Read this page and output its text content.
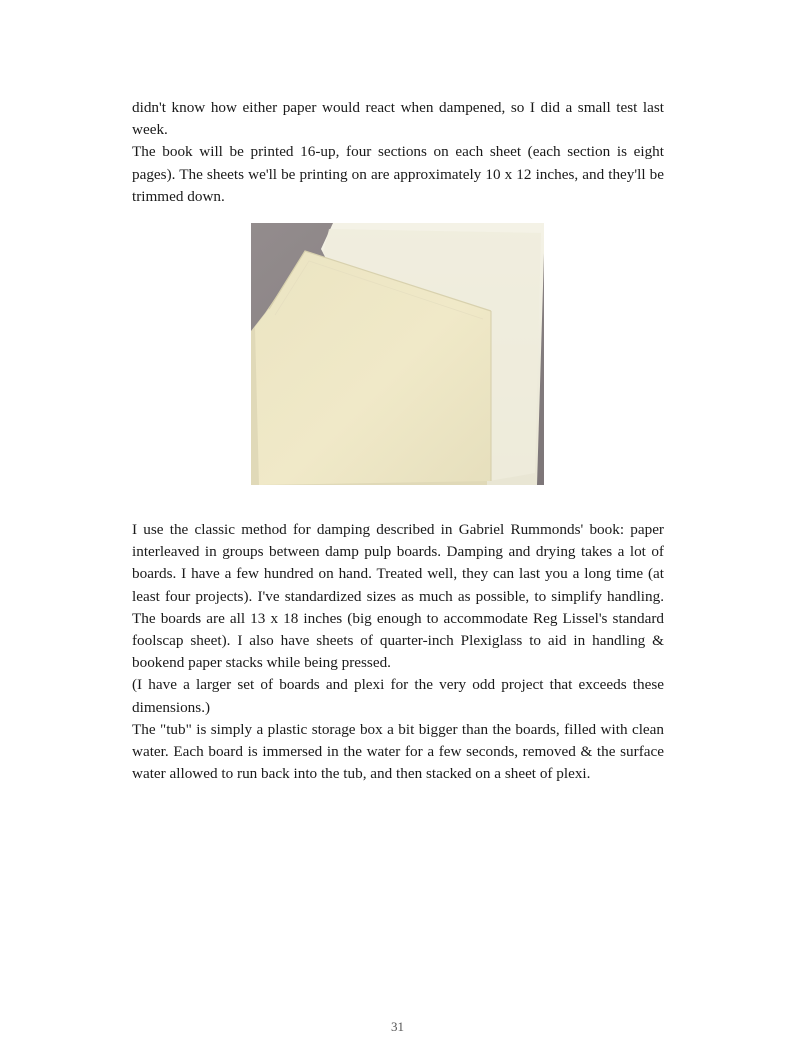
didn't know how either paper would react when dampened, so I did a small test last week.

The book will be printed 16-up, four sections on each sheet (each section is eight pages). The sheets we'll be printing on are approximately 10 x 12 inches, and they'll be trimmed down.

I use the classic method for damping described in Gabriel Rummonds' book: paper interleaved in groups between damp pulp boards. Damping and drying takes a lot of boards. I have a few hundred on hand. Treated well, they can last you a long time (at least four projects). I've standardized sizes as much as possible, to simplify handling. The boards are all 13 x 18 inches (big enough to accommodate Reg Lissel's standard foolscap sheet). I also have sheets of quarter-inch Plexiglass to aid in handling & bookend paper stacks while being pressed.

(I have a larger set of boards and plexi for the very odd project that exceeds these dimensions.)

The "tub" is simply a plastic storage box a bit bigger than the boards, filled with clean water. Each board is immersed in the water for a few seconds, removed & the surface water allowed to run back into the tub, and then stacked on a sheet of plexi.

31
